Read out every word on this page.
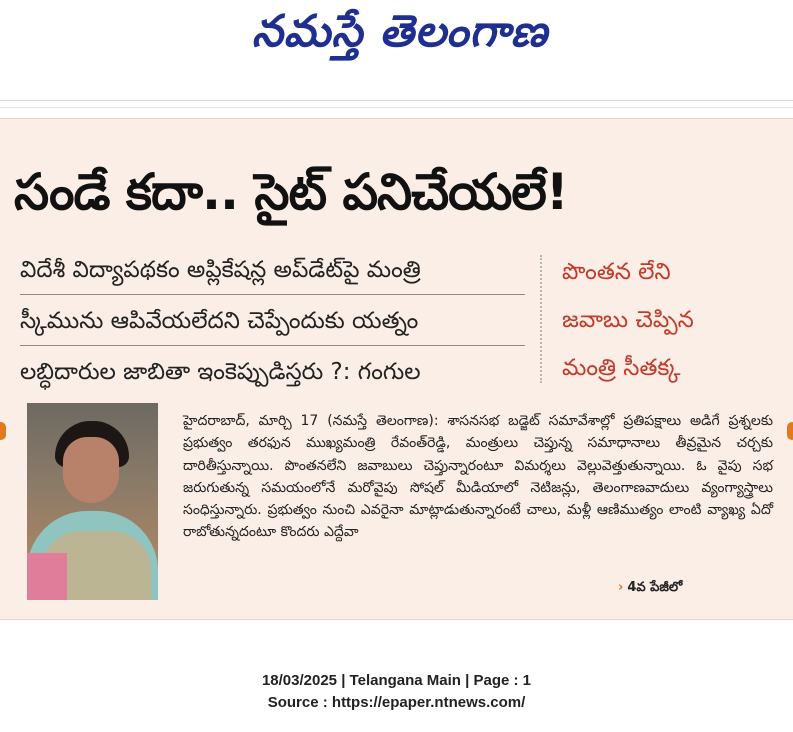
నమస్తే తెలంగాణ
సండే కదా.. సైట్ పనిచేయలే!
విదేశీ విద్యాపథకం అప్లికేషన్ల అప్‌డేట్‌పై మంత్రి
స్కీమును ఆపివేయలేదని చెప్పేందుకు యత్నం
లబ్ధిదారుల జాబితా ఇంకెప్పుడిస్తరు ?: గంగుల
పొంతన లేని
జవాబు చెప్పిన
మంత్రి సీతక్క
హైదరాబాద్, మార్చి 17 (నమస్తే తెలంగాణ): శాసనసభ బడ్జెట్ సమావేశాల్లో ప్రతిపక్షాలు అడిగే ప్రశ్నలకు ప్రభుత్వం తరఫున ముఖ్యమంత్రి రేవంత్‌రెడ్డి, మంత్రులు చెప్తున్న సమాధానాలు తీవ్రమైన చర్చకు దారితీస్తున్నాయి. పొంతనలేని జవాబులు చెప్తున్నారంటూ విమర్శలు వెల్లువెత్తుతున్నాయి. ఓ వైపు సభ జరుగుతున్న సమయంలోనే మరోవైపు సోషల్ మీడియాలో నెటిజన్లు, తెలంగాణవాదులు వ్యంగ్యాస్త్రాలు సంధిస్తున్నారు. ప్రభుత్వం నుంచి ఎవరైనా మాట్లాడుతున్నారంటే చాలు, మళ్లీ ఆణిముత్యం లాంటి వ్యాఖ్య ఏదో రాబోతున్నదంటూ కొందరు ఎద్దేవా
› 4వ పేజీలో
18/03/2025 | Telangana Main | Page : 1
Source : https://epaper.ntnews.com/
